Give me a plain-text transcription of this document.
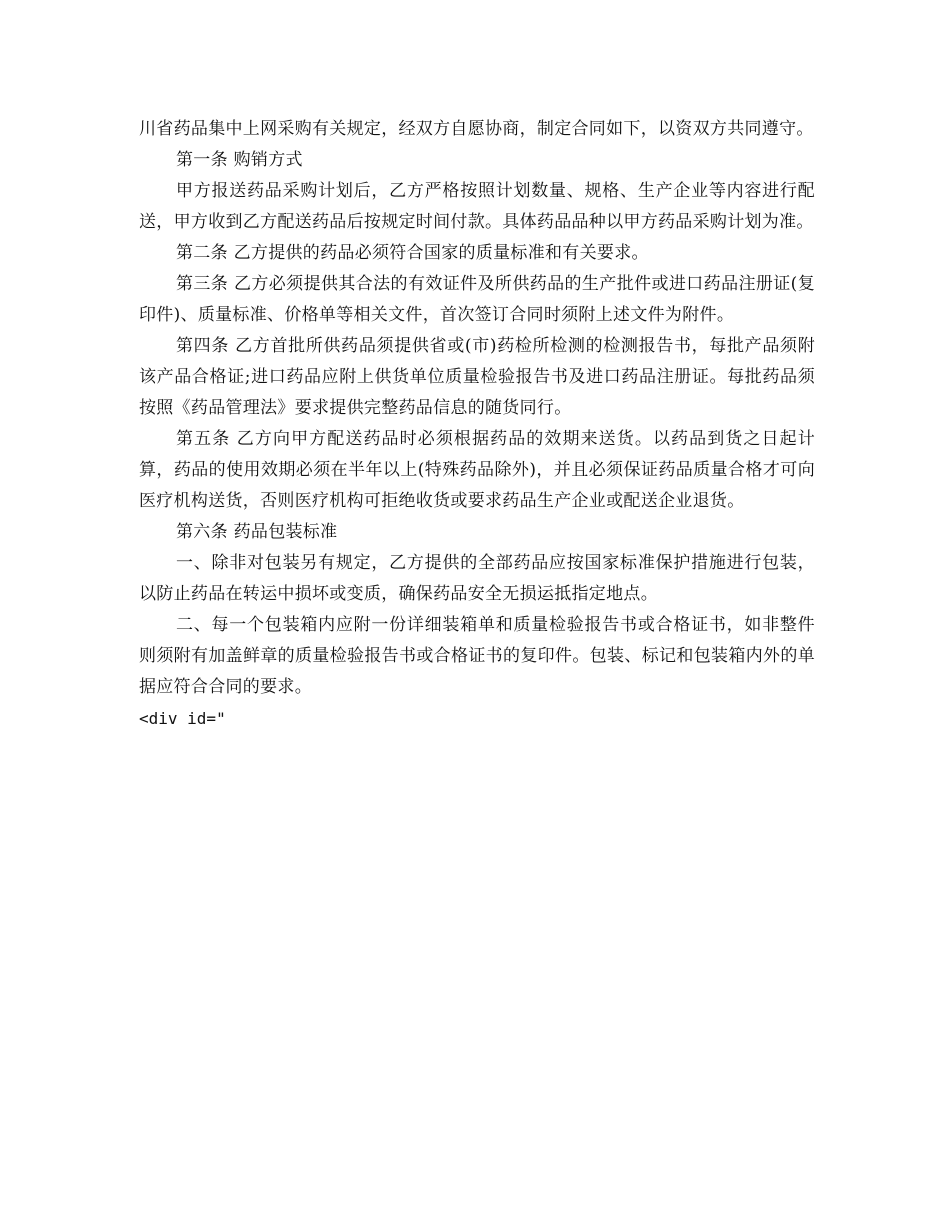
川省药品集中上网采购有关规定，经双方自愿协商，制定合同如下，以资双方共同遵守。

第一条 购销方式

甲方报送药品采购计划后，乙方严格按照计划数量、规格、生产企业等内容进行配送，甲方收到乙方配送药品后按规定时间付款。具体药品品种以甲方药品采购计划为准。

第二条 乙方提供的药品必须符合国家的质量标准和有关要求。

第三条 乙方必须提供其合法的有效证件及所供药品的生产批件或进口药品注册证(复印件)、质量标准、价格单等相关文件，首次签订合同时须附上述文件为附件。

第四条 乙方首批所供药品须提供省或(市)药检所检测的检测报告书，每批产品须附该产品合格证;进口药品应附上供货单位质量检验报告书及进口药品注册证。每批药品须按照《药品管理法》要求提供完整药品信息的随货同行。

第五条 乙方向甲方配送药品时必须根据药品的效期来送货。以药品到货之日起计算，药品的使用效期必须在半年以上(特殊药品除外)，并且必须保证药品质量合格才可向医疗机构送货，否则医疗机构可拒绝收货或要求药品生产企业或配送企业退货。

第六条 药品包装标准

一、除非对包装另有规定，乙方提供的全部药品应按国家标准保护措施进行包装，以防止药品在转运中损坏或变质，确保药品安全无损运抵指定地点。

二、每一个包装箱内应附一份详细装箱单和质量检验报告书或合格证书，如非整件则须附有加盖鲜章的质量检验报告书或合格证书的复印件。包装、标记和包装箱内外的单据应符合合同的要求。

<div id="
